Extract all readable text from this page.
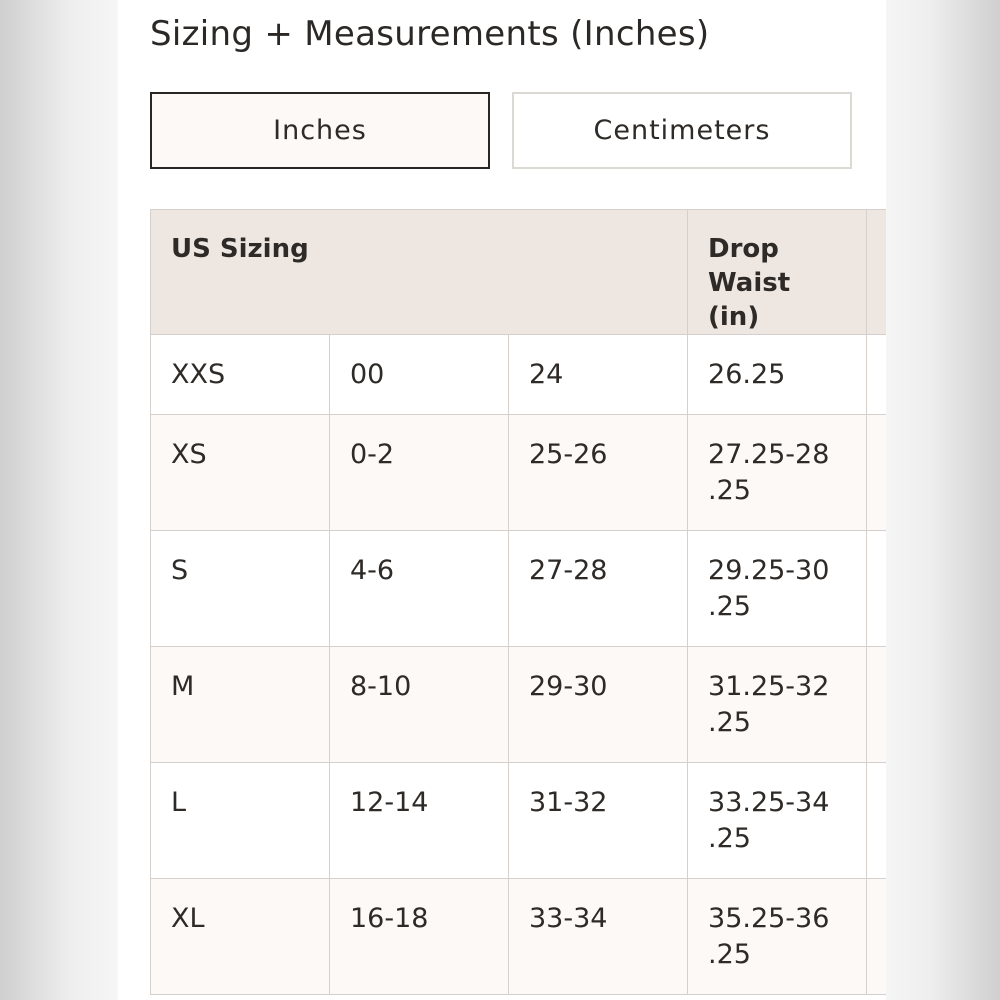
Sizing + Measurements (Inches)
Inches	Centimeters
US Sizing			Drop
Waist (in)	

XXS	00	24	26.25	

XS	0-2	25-26	27.25-28
.25	

S	4-6	27-28	29.25-30
.25	

M	8-10	29-30	31.25-32
.25	

L	12-14	31-32	33.25-34
.25	

XL	16-18	33-34	35.25-36
.25	
